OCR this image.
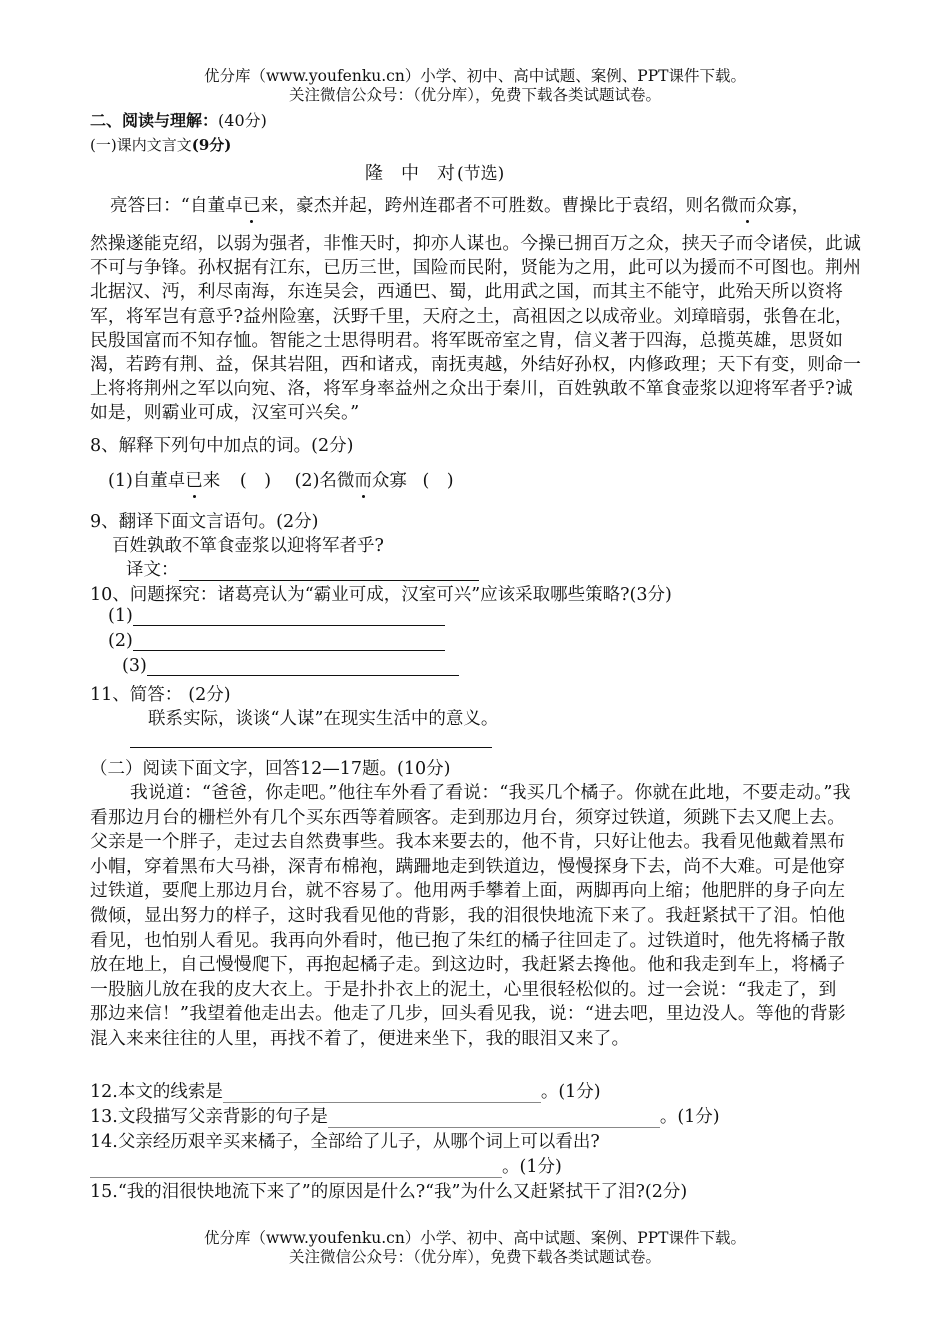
优分库（www.youfenku.cn）小学、初中、高中试题、案例、PPT课件下载。
关注微信公众号：（优分库），免费下载各类试题试卷。
二、阅读与理解：(40分)
(一)课内文言文(9分)
隆　中　对 (节选)
亮答曰：“自董卓已来，豪杰并起，跨州连郡者不可胜数。曹操比于袁绍，则名微而众寡，

然操遂能克绍，以弱为强者，非惟天时，抑亦人谋也。今操已拥百万之众，挟天子而令诸侯，此诚不可与争锋。孙权据有江东，已历三世，国险而民附，贤能为之用，此可以为援而不可图也。荆州北据汉、沔，利尽南海，东连吴会，西通巴、蜀，此用武之国，而其主不能守，此殆天所以资将军，将军岂有意乎?益州险塞，沃野千里，天府之土，高祖因之以成帝业。刘璋暗弱，张鲁在北，民殷国富而不知存恤。智能之士思得明君。将军既帝室之胄，信义著于四海，总揽英雄，思贤如渴，若跨有荆、益，保其岩阻，西和诸戎，南抚夷越，外结好孙权，内修政理；天下有变，则命一上将将荆州之军以向宛、洛，将军身率益州之众出于秦川，百姓孰敢不箪食壶浆以迎将军者乎?诚如是，则霸业可成，汉室可兴矣。”

8、解释下列句中加点的词。(2分)
(1)自董卓已来 (　) (2)名微而众寡 (　)
9、翻译下面文言语句。(2分)
百姓孰敢不箪食壶浆以迎将军者乎?
译文：
10、问题探究：诸葛亮认为“霸业可成，汉室可兴”应该采取哪些策略?(3分)
(1)
(2)
(3)
11、简答： (2分)
联系实际，谈谈“人谋”在现实生活中的意义。
（二）阅读下面文字，回答12—17题。(10分)

我说道：“爸爸，你走吧。”他往车外看了看说：“我买几个橘子。你就在此地，不要走动。”我看那边月台的栅栏外有几个买东西等着顾客。走到那边月台，须穿过铁道，须跳下去又爬上去。父亲是一个胖子，走过去自然费事些。我本来要去的，他不肯，只好让他去。我看见他戴着黑布小帽，穿着黑布大马褂，深青布棉袍，蹒跚地走到铁道边，慢慢探身下去，尚不大难。可是他穿过铁道，要爬上那边月台，就不容易了。他用两手攀着上面，两脚再向上缩；他肥胖的身子向左微倾，显出努力的样子，这时我看见他的背影，我的泪很快地流下来了。我赶紧拭干了泪。怕他看见，也怕别人看见。我再向外看时，他已抱了朱红的橘子往回走了。过铁道时，他先将橘子散放在地上，自己慢慢爬下，再抱起橘子走。到这边时，我赶紧去搀他。他和我走到车上，将橘子一股脑儿放在我的皮大衣上。于是扑扑衣上的泥土，心里很轻松似的。过一会说：“我走了，到那边来信！”我望着他走出去。他走了几步，回头看见我，说：“进去吧，里边没人。等他的背影混入来来往往的人里，再找不着了，便进来坐下，我的眼泪又来了。

12.本文的线索是	。(1分)
13.文段描写父亲背影的句子是	。(1分)
14.父亲经历艰辛买来橘子，全部给了儿子，从哪个词上可以看出?
。(1分)
15.“我的泪很快地流下来了”的原因是什么?“我”为什么又赶紧拭干了泪?(2分)
优分库（www.youfenku.cn）小学、初中、高中试题、案例、PPT课件下载。
关注微信公众号：（优分库），免费下载各类试题试卷。
